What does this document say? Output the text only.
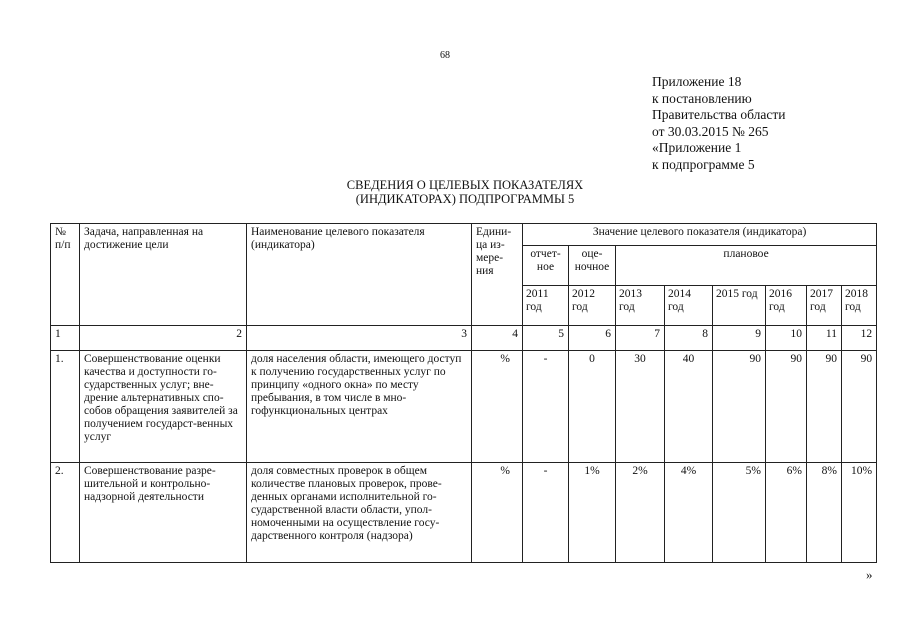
68
Приложение 18
к постановлению
Правительства области
от 30.03.2015 № 265
«Приложение 1
к подпрограмме 5
СВЕДЕНИЯ О ЦЕЛЕВЫХ ПОКАЗАТЕЛЯХ
(ИНДИКАТОРАХ) ПОДПРОГРАММЫ 5
№ п/п	Задача, направленная на достижение цели	Наименование целевого показателя (индикатора)	Едини-ца из-мере-ния	Значение целевого показателя (индикатора)							
				отчет-ное	оце-ночное	плановое					
				2011 год	2012 год	2013 год	2014 год	2015 год	2016 год	2017 год	2018 год
1	2	3	4	5	6	7	8	9	10	11	12
1.	Совершенствование оценки качества и доступности го-сударственных услуг; вне-дрение альтернативных спо-собов обращения заявителей за получением государст-венных услуг	доля населения области, имеющего доступ к получению государственных услуг по принципу «одного окна» по месту пребывания, в том числе в мно-гофункциональных центрах	%	-	0	30	40	90	90	90	90
2.	Совершенствование разре-шительной и контрольно-надзорной деятельности	доля совместных проверок в общем количестве плановых проверок, прове-денных органами исполнительной го-сударственной власти области, упол-номоченными на осуществление госу-дарственного контроля (надзора)	%	-	1%	2%	4%	5%	6%	8%	10%
»
